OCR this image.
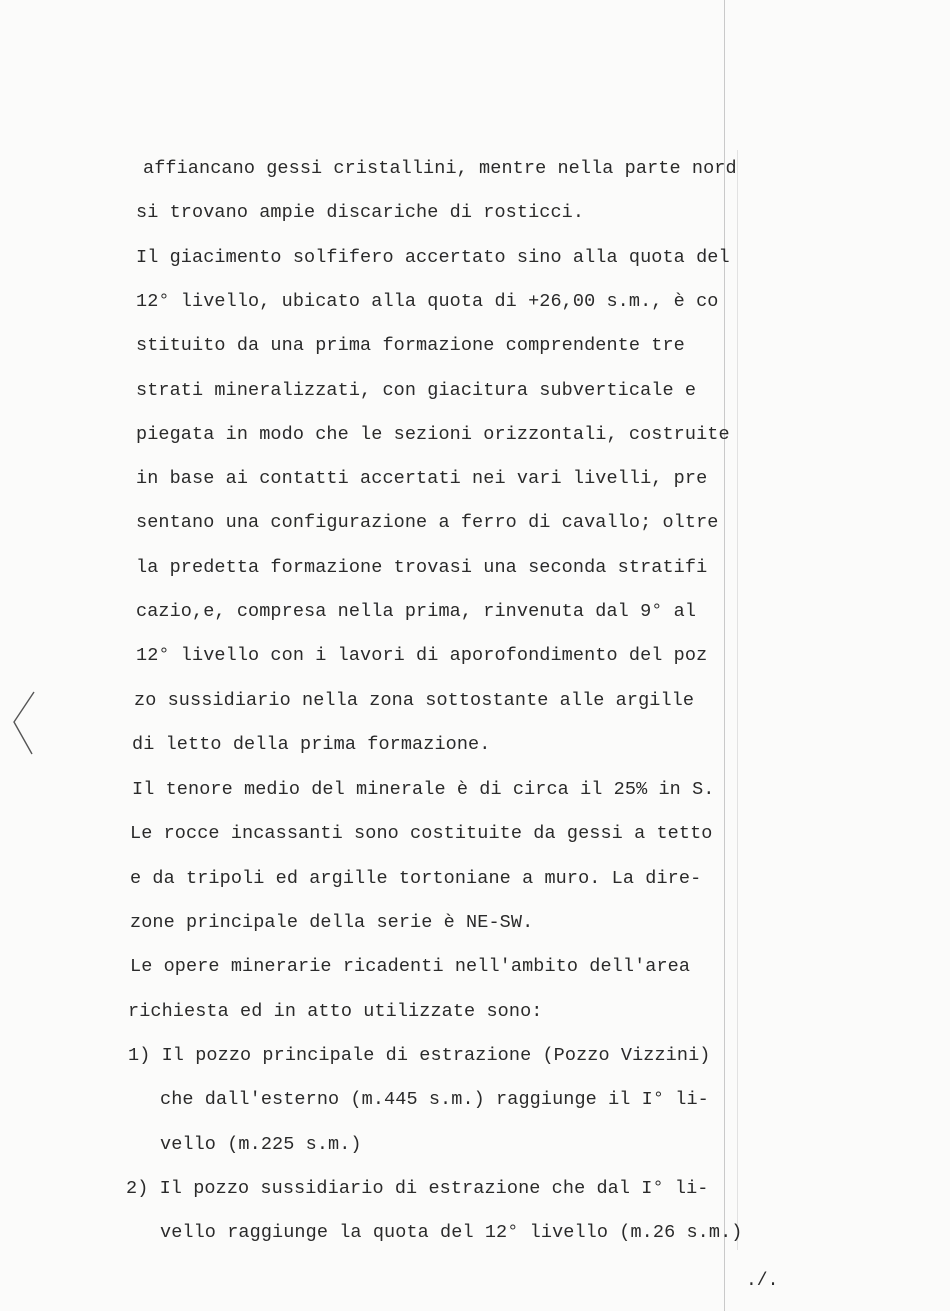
affiancano gessi cristallini, mentre nella parte nord
si trovano ampie discariche di rosticci.
Il giacimento solfifero accertato sino alla quota del
12° livello, ubicato alla quota di +26,00 s.m., è co
stituito da una prima formazione comprendente tre
strati mineralizzati, con giacitura subverticale e
piegata in modo che le sezioni orizzontali, costruite
in base ai contatti accertati nei vari livelli, pre
sentano una configurazione a ferro di cavallo; oltre
la predetta formazione trovasi una seconda stratifi
cazio,e, compresa nella prima, rinvenuta dal 9° al
12° livello con i lavori di aporofondimento del poz
zo sussidiario nella zona sottostante alle argille
di letto della prima formazione.
Il tenore medio del minerale è di circa il 25% in S.
Le rocce incassanti sono costituite da gessi a tetto
e da tripoli ed argille tortoniane a muro. La dire-
zone principale della serie è NE-SW.
Le opere minerarie ricadenti nell'ambito dell'area
richiesta ed in atto utilizzate sono:
1) Il pozzo principale di estrazione (Pozzo Vizzini)
che dall'esterno (m.445 s.m.) raggiunge il I° li-
vello (m.225 s.m.)
2) Il pozzo sussidiario di estrazione che dal I° li-
vello raggiunge la quota del 12° livello (m.26 s.m.)
./.
